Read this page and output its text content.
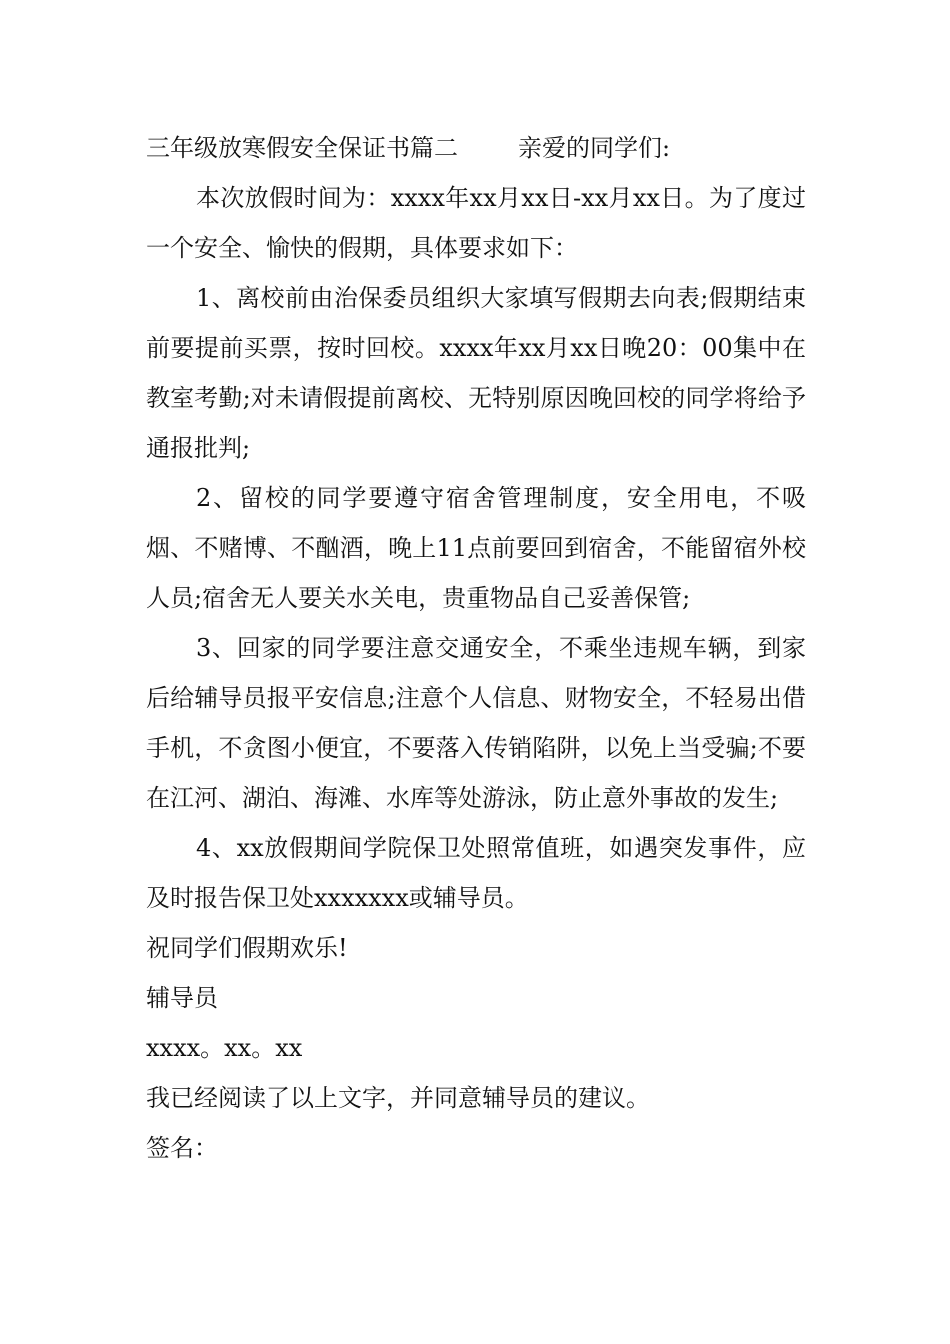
三年级放寒假安全保证书篇二	亲爱的同学们:

本次放假时间为：xxxx年xx月xx日-xx月xx日。为了度过一个安全、愉快的假期，具体要求如下：

1、离校前由治保委员组织大家填写假期去向表;假期结束前要提前买票，按时回校。xxxx年xx月xx日晚20：00集中在教室考勤;对未请假提前离校、无特别原因晚回校的同学将给予通报批判;

2、留校的同学要遵守宿舍管理制度，安全用电，不吸烟、不赌博、不酗酒，晚上11点前要回到宿舍，不能留宿外校人员;宿舍无人要关水关电，贵重物品自己妥善保管;

3、回家的同学要注意交通安全，不乘坐违规车辆，到家后给辅导员报平安信息;注意个人信息、财物安全，不轻易出借手机，不贪图小便宜，不要落入传销陷阱，以免上当受骗;不要在江河、湖泊、海滩、水库等处游泳，防止意外事故的发生;

4、xx放假期间学院保卫处照常值班，如遇突发事件，应及时报告保卫处xxxxxxx或辅导员。

祝同学们假期欢乐!

辅导员

xxxx。xx。xx

我已经阅读了以上文字，并同意辅导员的建议。

签名：
